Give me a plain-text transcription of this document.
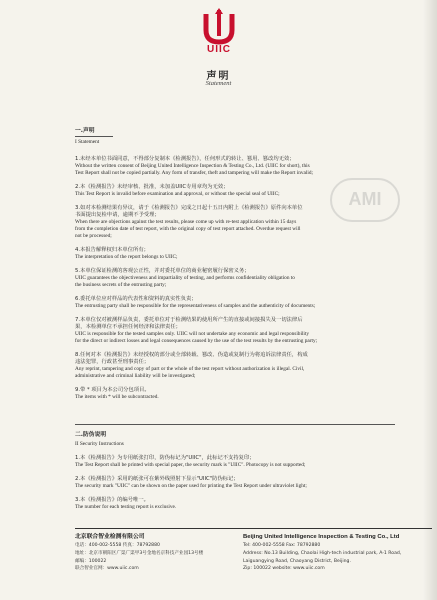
UIIC
声明
Statement
AMI
一.声明
I Statement
1.未经本单位书面同意，不得部分复制本《检测报告》，任何形式的转让、篡用、篡改均无效；
Without the written consent of Beijing United Intelligence Inspection & Testing Co., Ltd. (UIIC for short), this
Test Report shall not be copied partially. Any form of transfer, theft and tampering will make the Report invalid;
2.本《检测报告》未经审核、批准，未加盖UIIC专用章均为无效；
This Test Report is invalid before examination and approval, or without the special seal of UIIC;
3.如对本检测结果有异议，请于《检测报告》完成之日起十五日内附上《检测报告》原件向本单位
书面提出复检申请，逾期不予受理；
When there are objections against the test results, please come up with re-test application within 15 days
from the completion date of test report, with the original copy of test report attached. Overdue request will
not be processed;
4.本报告解释权归本单位所有；
The interpretation of the report belongs to UIIC;
5.本单位保证检测的客观公正性，并对委托单位的商业秘密履行保密义务；
UIIC guarantees the objectiveness and impartiality of testing, and performs confidentiality obligation to
the business secrets of the entrusting party;
6.委托单位应对样品的代表性和资料的真实性负责；
The entrusting party shall be responsible for the representativeness of samples and the authenticity of documents;
7.本单位仅对被测样品负责，委托单位对于检测结果的使用所产生的直接或间接损失及一切法律后
果，本检测单位不承担任何经济和法律责任；
UIIC is responsible for the tested samples only. UIIC will not undertake any economic and legal responsibility
for the direct or indirect losses and legal consequences caused by the use of the test results by the entrusting party;
8.任何对本《检测报告》未经授权的部分或全部转载、篡改、伪造或复制行为将追诉法律责任，构成
违法犯罪，行政甚至刑事责任；
Any reprint, tampering and copy of part or the whole of the test report without authorization is illegal. Civil,
administrative and criminal liability will be investigated;
9.带 * 项目为本公司分包项目。
The items with * will be subcontracted.
二.防伪说明
II Security Instructions
1.本《检测报告》为专用纸张打印，防伪标记为"UIIC"，此标记不支持复印；
The Test Report shall be printed with special paper, the security mark is "UIIC". Photocopy is not supported;
2.本《检测报告》采用的纸张可在紫外线照射下显示"UIIC"防伪标记；
The security mark "UIIC" can be shown on the paper used for printing the Test Report under ultraviolet light;
3.本《检测报告》的编号唯一。
The number for each testing report is exclusive.
北京联合智业检测有限公司
电话：400-002-5558 传真：78792880
地址：北京市朝阳区广渠广渠甲3号金地名京科技产业园13号楼
邮编：100022
联合智业官网：www.uiic.com
Beijing United Intelligence Inspection & Testing Co., Ltd
Tel: 400-002-5558 Fax: 78792880
Address: No.13 Building, Chaolai High-tech industrial park, A-1 Road,
Laiguangying Road, Chaoyang District, Beijing.
Zip: 100022 website: www.uiic.com
